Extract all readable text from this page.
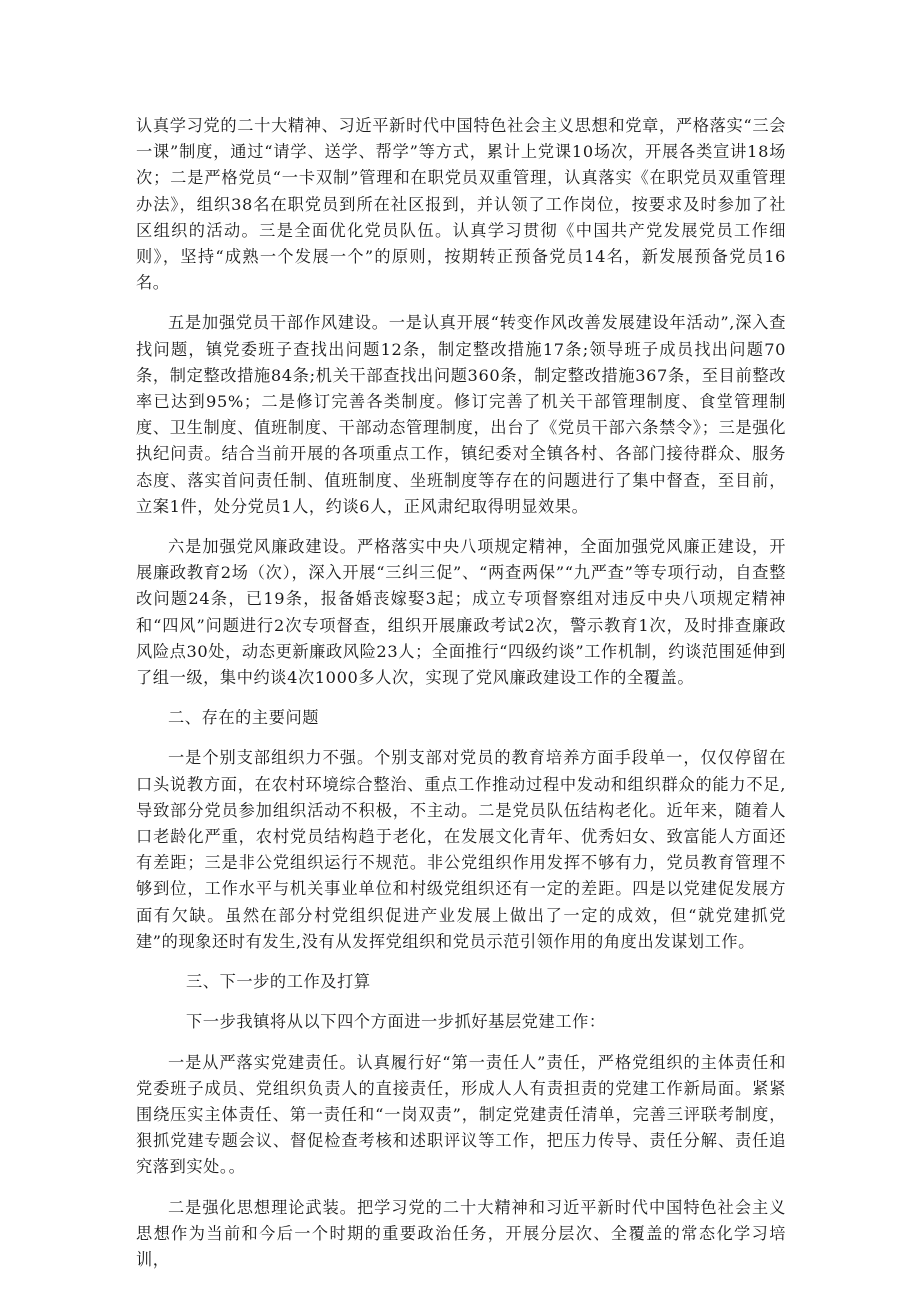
认真学习党的二十大精神、习近平新时代中国特色社会主义思想和党章，严格落实“三会一课”制度，通过“请学、送学、帮学”等方式，累计上党课10场次，开展各类宣讲18场次；二是严格党员“一卡双制”管理和在职党员双重管理，认真落实《在职党员双重管理办法》，组织38名在职党员到所在社区报到，并认领了工作岗位，按要求及时参加了社区组织的活动。三是全面优化党员队伍。认真学习贯彻《中国共产党发展党员工作细则》，坚持“成熟一个发展一个”的原则，按期转正预备党员14名，新发展预备党员16名。

五是加强党员干部作风建设。一是认真开展“转变作风改善发展建设年活动”,深入查找问题，镇党委班子查找出问题12条，制定整改措施17条;领导班子成员找出问题70条，制定整改措施84条;机关干部查找出问题360条，制定整改措施367条，至目前整改率已达到95%；二是修订完善各类制度。修订完善了机关干部管理制度、食堂管理制度、卫生制度、值班制度、干部动态管理制度，出台了《党员干部六条禁令》；三是强化执纪问责。结合当前开展的各项重点工作，镇纪委对全镇各村、各部门接待群众、服务态度、落实首问责任制、值班制度、坐班制度等存在的问题进行了集中督查，至目前，立案1件，处分党员1人，约谈6人，正风肃纪取得明显效果。

六是加强党风廉政建设。严格落实中央八项规定精神，全面加强党风廉正建设，开展廉政教育2场（次），深入开展“三纠三促”、“两查两保”“九严查”等专项行动，自查整改问题24条，已19条，报备婚丧嫁娶3起；成立专项督察组对违反中央八项规定精神和“四风”问题进行2次专项督查，组织开展廉政考试2次，警示教育1次，及时排查廉政风险点30处，动态更新廉政风险23人；全面推行“四级约谈”工作机制，约谈范围延伸到了组一级，集中约谈4次1000多人次，实现了党风廉政建设工作的全覆盖。

二、存在的主要问题

一是个别支部组织力不强。个别支部对党员的教育培养方面手段单一，仅仅停留在口头说教方面，在农村环境综合整治、重点工作推动过程中发动和组织群众的能力不足,导致部分党员参加组织活动不积极，不主动。二是党员队伍结构老化。近年来，随着人口老龄化严重，农村党员结构趋于老化，在发展文化青年、优秀妇女、致富能人方面还有差距；三是非公党组织运行不规范。非公党组织作用发挥不够有力，党员教育管理不够到位，工作水平与机关事业单位和村级党组织还有一定的差距。四是以党建促发展方面有欠缺。虽然在部分村党组织促进产业发展上做出了一定的成效，但“就党建抓党建”的现象还时有发生,没有从发挥党组织和党员示范引领作用的角度出发谋划工作。

三、下一步的工作及打算

下一步我镇将从以下四个方面进一步抓好基层党建工作：

一是从严落实党建责任。认真履行好“第一责任人”责任，严格党组织的主体责任和党委班子成员、党组织负责人的直接责任，形成人人有责担责的党建工作新局面。紧紧围绕压实主体责任、第一责任和“一岗双责”，制定党建责任清单，完善三评联考制度，狠抓党建专题会议、督促检查考核和述职评议等工作，把压力传导、责任分解、责任追究落到实处。。

二是强化思想理论武装。把学习党的二十大精神和习近平新时代中国特色社会主义思想作为当前和今后一个时期的重要政治任务，开展分层次、全覆盖的常态化学习培训，
